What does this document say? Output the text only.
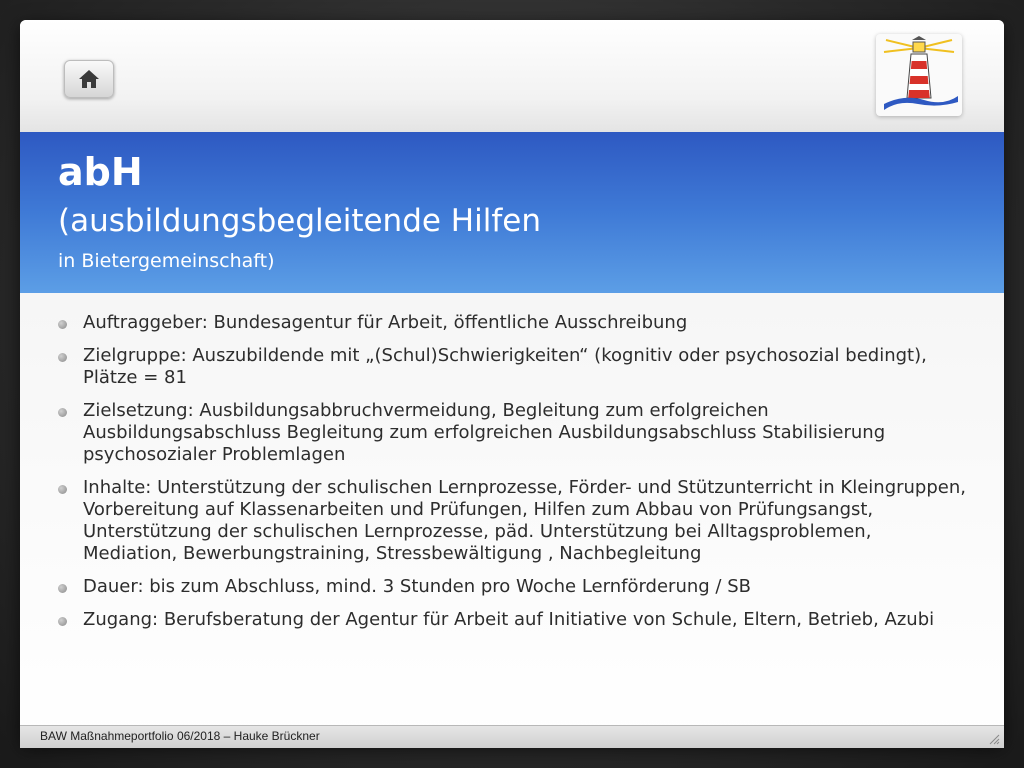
abH
(ausbildungsbegleitende Hilfen
in Bietergemeinschaft)
Auftraggeber: Bundesagentur für Arbeit, öffentliche Ausschreibung
Zielgruppe: Auszubildende mit „(Schul)Schwierigkeiten“ (kognitiv oder psychosozial bedingt), Plätze = 81
Zielsetzung: Ausbildungsabbruchvermeidung, Begleitung zum erfolgreichen Ausbildungsabschluss Begleitung zum erfolgreichen Ausbildungsabschluss Stabilisierung psychosozialer Problemlagen
Inhalte: Unterstützung der schulischen Lernprozesse, Förder- und Stützunterricht in Kleingruppen, Vorbereitung auf Klassenarbeiten und Prüfungen, Hilfen zum Abbau von Prüfungsangst, Unterstützung der schulischen Lernprozesse, päd. Unterstützung bei Alltagsproblemen, Mediation, Bewerbungstraining, Stressbewältigung , Nachbegleitung
Dauer: bis zum Abschluss, mind. 3 Stunden pro Woche Lernförderung / SB
Zugang: Berufsberatung der Agentur für Arbeit auf Initiative von Schule, Eltern, Betrieb, Azubi
BAW Maßnahmeportfolio 06/2018 – Hauke Brückner
